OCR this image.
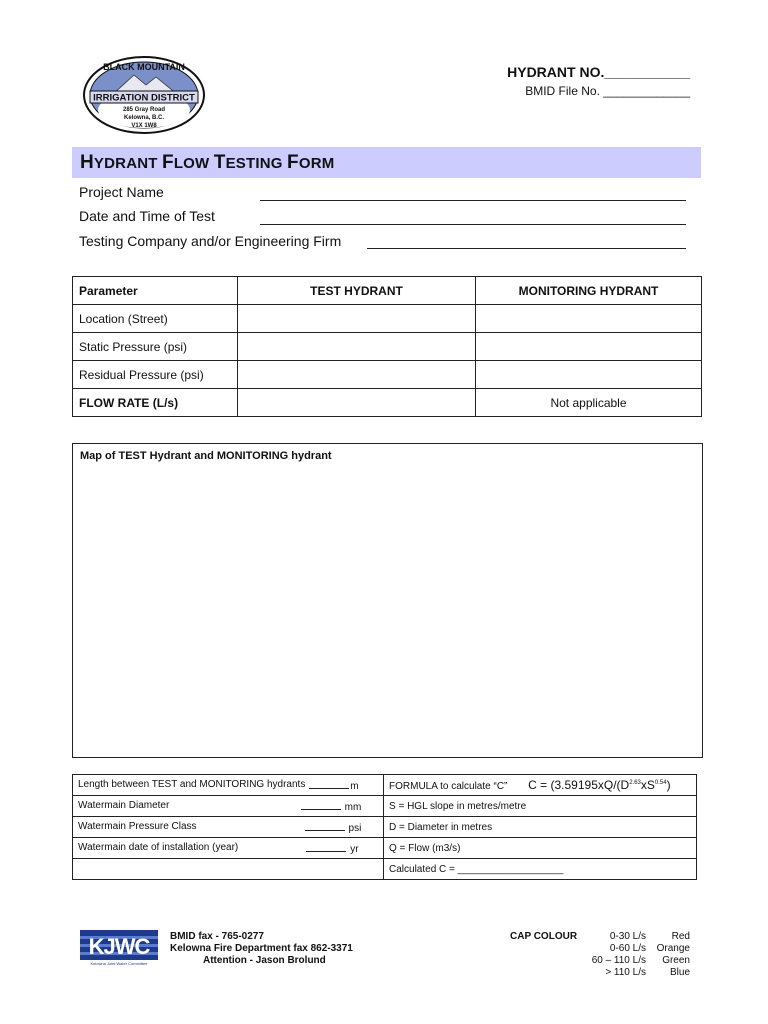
BLACK MOUNTAIN
IRRIGATION DISTRICT
285 Gray Road
Kelowna, B.C.
V1X 1W8
HYDRANT NO.___________
BMID File No. _____________
HYDRANT FLOW TESTING FORM
Project Name
Date and Time of Test
Testing Company and/or Engineering Firm
Parameter	TEST HYDRANT	MONITORING HYDRANT
Location (Street)		
Static Pressure (psi)		
Residual Pressure (psi)		
FLOW RATE (L/s)		Not applicable
Map of TEST Hydrant and MONITORING hydrant
Length between TEST and MONITORING hydrants m	FORMULA to calculate “C” $C = (3.59195xQ/(D^{2.63}xS^{0.54})$
Watermain Diameter mm	S = HGL slope in metres/metre
Watermain Pressure Class psi	D = Diameter in metres
Watermain date of installation (year) yr	Q = Flow (m3/s)
	Calculated C = ___________________
KJWC
Kelowna Joint Water Committee
BMID fax - 765-0277
Kelowna Fire Department fax 862-3371
Attention - Jason Brolund
CAP COLOUR	0-30 L/s	Red
0-60 L/s	Orange
60 – 110 L/s	Green
> 110 L/s	Blue
